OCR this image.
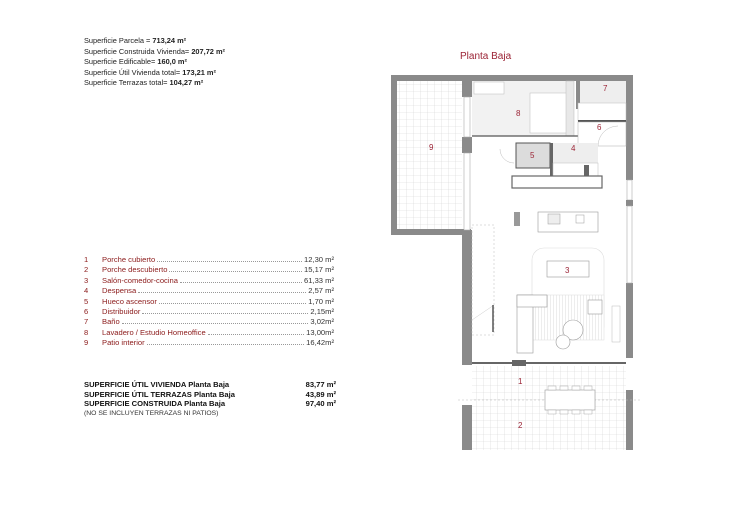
Superficie Parcela = 713,24 m²
Superficie Construida Vivienda= 207,72 m²
Superficie Edificable= 160,0 m²
Superficie Útil Vivienda total= 173,21 m²
Superficie Terrazas total= 104,27 m²
1	Porche cubierto	12,30 m²
2	Porche descubierto	15,17 m²
3	Salón-comedor-cocina	61,33 m²
4	Despensa	2,57 m²
5	Hueco ascensor	1,70 m²
6	Distribuidor	2,15m²
7	Baño	3,02m²
8	Lavadero / Estudio Homeoffice	13,00m²
9	Patio interior	16,42m²
SUPERFICIE ÚTIL VIVIENDA Planta Baja	83,77 m²
SUPERFICIE ÚTIL TERRAZAS Planta Baja	43,89 m²
SUPERFICIE CONSTRUIDA Planta Baja	97,40 m²
(NO SE INCLUYEN TERRAZAS NI PATIOS)
Planta Baja
9
8
7
6
5
4
3
1
2
